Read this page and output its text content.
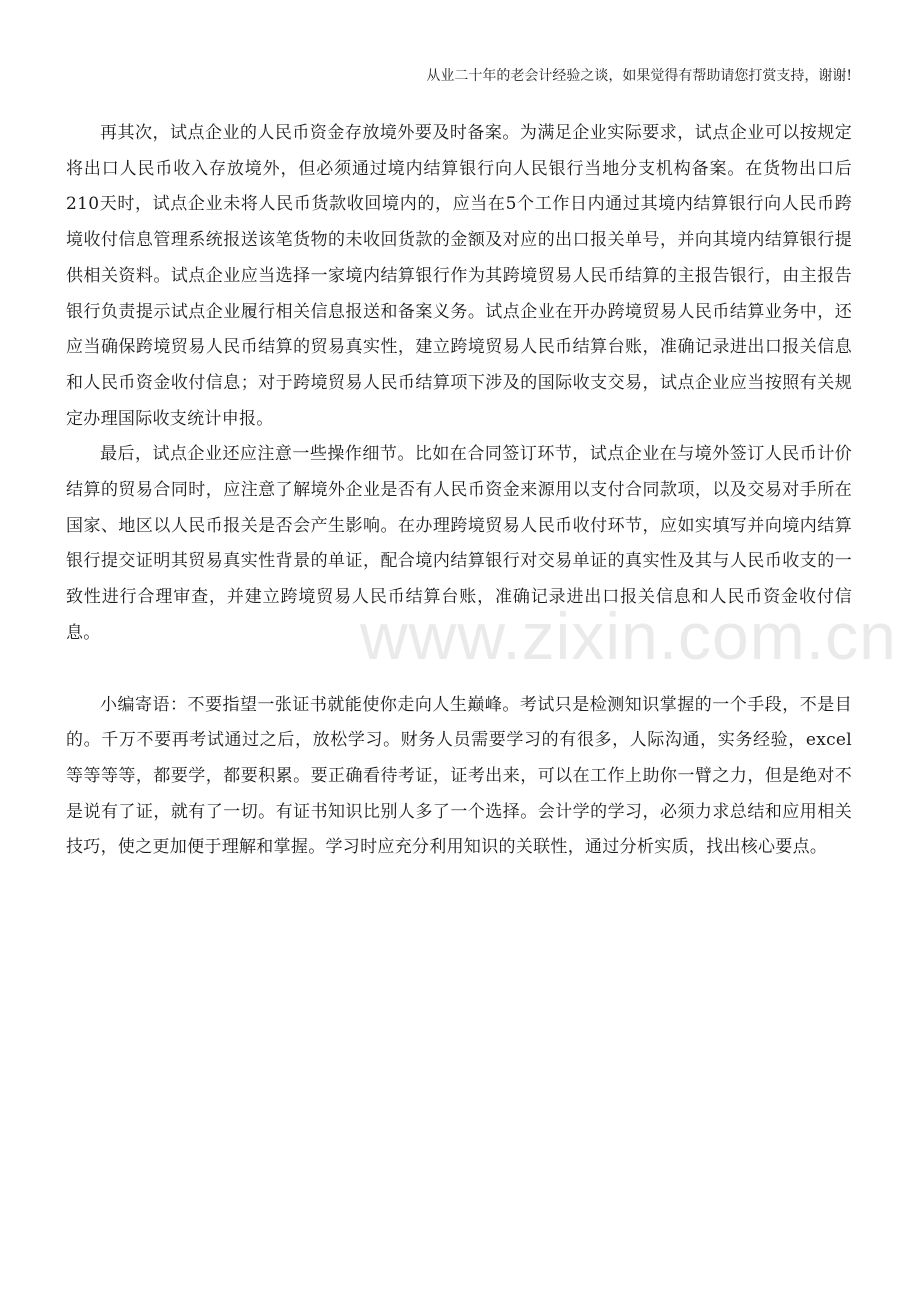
从业二十年的老会计经验之谈，如果觉得有帮助请您打赏支持，谢谢!

再其次，试点企业的人民币资金存放境外要及时备案。为满足企业实际要求，试点企业可以按规定将出口人民币收入存放境外，但必须通过境内结算银行向人民银行当地分支机构备案。在货物出口后210天时，试点企业未将人民币货款收回境内的，应当在5个工作日内通过其境内结算银行向人民币跨境收付信息管理系统报送该笔货物的未收回货款的金额及对应的出口报关单号，并向其境内结算银行提供相关资料。试点企业应当选择一家境内结算银行作为其跨境贸易人民币结算的主报告银行，由主报告银行负责提示试点企业履行相关信息报送和备案义务。试点企业在开办跨境贸易人民币结算业务中，还应当确保跨境贸易人民币结算的贸易真实性，建立跨境贸易人民币结算台账，准确记录进出口报关信息和人民币资金收付信息；对于跨境贸易人民币结算项下涉及的国际收支交易，试点企业应当按照有关规定办理国际收支统计申报。

最后，试点企业还应注意一些操作细节。比如在合同签订环节，试点企业在与境外签订人民币计价结算的贸易合同时，应注意了解境外企业是否有人民币资金来源用以支付合同款项，以及交易对手所在国家、地区以人民币报关是否会产生影响。在办理跨境贸易人民币收付环节，应如实填写并向境内结算银行提交证明其贸易真实性背景的单证，配合境内结算银行对交易单证的真实性及其与人民币收支的一致性进行合理审查，并建立跨境贸易人民币结算台账，准确记录进出口报关信息和人民币资金收付信息。

小编寄语：不要指望一张证书就能使你走向人生巅峰。考试只是检测知识掌握的一个手段，不是目的。千万不要再考试通过之后，放松学习。财务人员需要学习的有很多，人际沟通，实务经验，excel等等等等，都要学，都要积累。要正确看待考证，证考出来，可以在工作上助你一臂之力，但是绝对不是说有了证，就有了一切。有证书知识比别人多了一个选择。会计学的学习，必须力求总结和应用相关技巧，使之更加便于理解和掌握。学习时应充分利用知识的关联性，通过分析实质，找出核心要点。

www.zixin.com.cn
